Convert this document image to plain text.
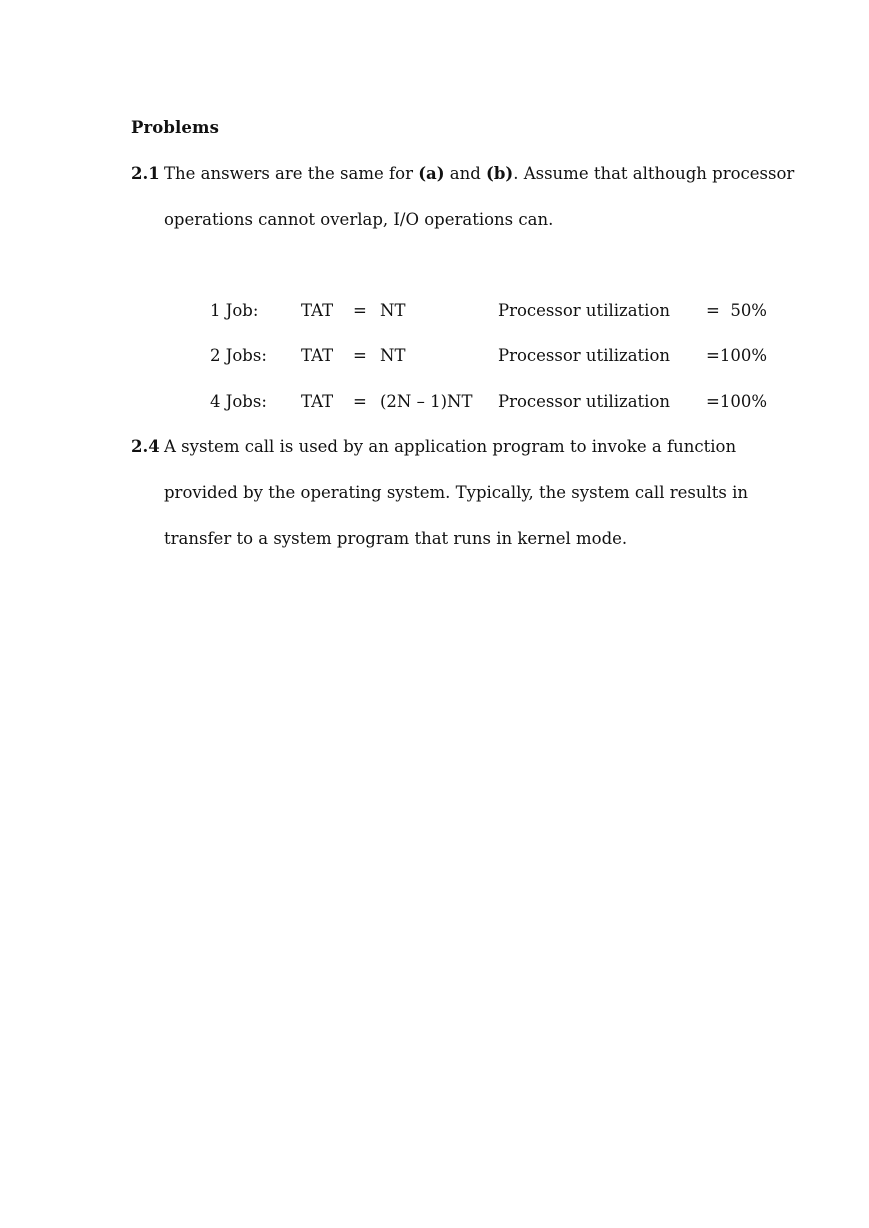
Problems
2.1 The answers are the same for (a) and (b). Assume that although processor
operations cannot overlap, I/O operations can.
1 Job:	TAT = NT	Processor utilization =  50%
2 Jobs: TAT = NT	Processor utilization =100%
4 Jobs: TAT = (2N – 1)NT Processor utilization =100%
2.4 A system call is used by an application program to invoke a function
provided by the operating system. Typically, the system call results in
transfer to a system program that runs in kernel mode.
